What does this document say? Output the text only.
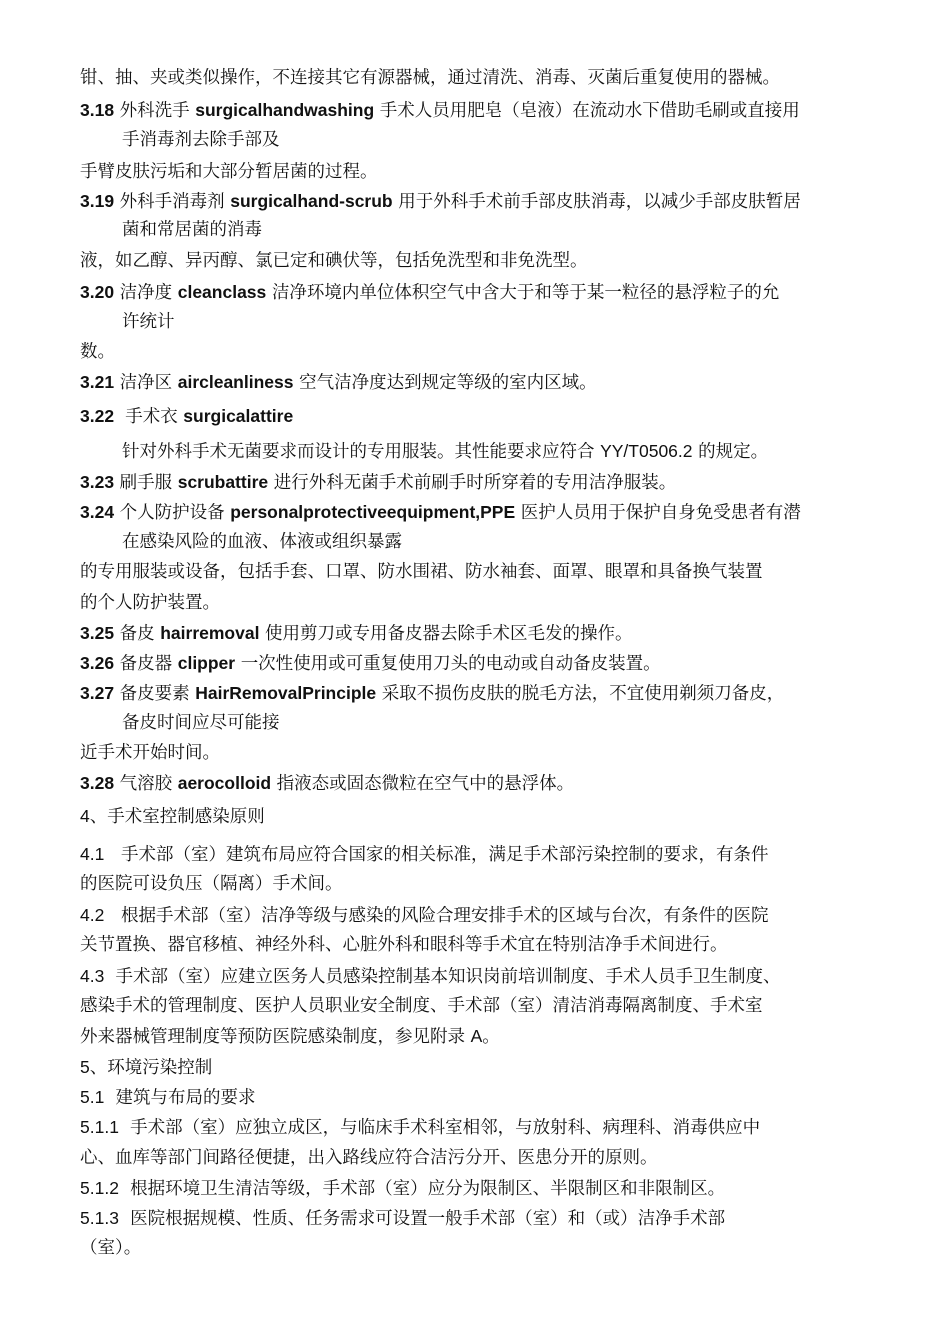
钳、抽、夹或类似操作，不连接其它有源器械，通过清洗、消毒、灭菌后重复使用的器械。
3.18 外科洗手 surgicalhandwashing 手术人员用肥皂（皂液）在流动水下借助毛刷或直接用
手消毒剂去除手部及
手臂皮肤污垢和大部分暂居菌的过程。
3.19 外科手消毒剂 surgicalhand-scrub 用于外科手术前手部皮肤消毒，以减少手部皮肤暂居
菌和常居菌的消毒
液，如乙醇、异丙醇、氯已定和碘伏等，包括免洗型和非免洗型。
3.20 洁净度 cleanclass 洁净环境内单位体积空气中含大于和等于某一粒径的悬浮粒子的允
许统计
数。
3.21 洁净区 aircleanliness 空气洁净度达到规定等级的室内区域。
3.22 手术衣 surgicalattire
针对外科手术无菌要求而设计的专用服装。其性能要求应符合 YY/T0506.2 的规定。
3.23 刷手服 scrubattire 进行外科无菌手术前刷手时所穿着的专用洁净服装。
3.24 个人防护设备 personalprotectiveequipment,PPE 医护人员用于保护自身免受患者有潜
在感染风险的血液、体液或组织暴露
的专用服装或设备，包括手套、口罩、防水围裙、防水袖套、面罩、眼罩和具备换气装置
的个人防护装置。
3.25 备皮 hairremoval 使用剪刀或专用备皮器去除手术区毛发的操作。
3.26 备皮器 clipper 一次性使用或可重复使用刀头的电动或自动备皮装置。
3.27 备皮要素 HairRemovalPrinciple 采取不损伤皮肤的脱毛方法，不宜使用剃须刀备皮，
备皮时间应尽可能接
近手术开始时间。
3.28 气溶胶 aerocolloid 指液态或固态微粒在空气中的悬浮体。
4、手术室控制感染原则
4.1 手术部（室）建筑布局应符合国家的相关标准，满足手术部污染控制的要求，有条件
的医院可设负压（隔离）手术间。
4.2 根据手术部（室）洁净等级与感染的风险合理安排手术的区域与台次，有条件的医院
关节置换、器官移植、神经外科、心脏外科和眼科等手术宜在特别洁净手术间进行。
4.3 手术部（室）应建立医务人员感染控制基本知识岗前培训制度、手术人员手卫生制度、
感染手术的管理制度、医护人员职业安全制度、手术部（室）清洁消毒隔离制度、手术室
外来器械管理制度等预防医院感染制度，参见附录 A。
5、环境污染控制
5.1 建筑与布局的要求
5.1.1 手术部（室）应独立成区，与临床手术科室相邻，与放射科、病理科、消毒供应中
心、血库等部门间路径便捷，出入路线应符合洁污分开、医患分开的原则。
5.1.2 根据环境卫生清洁等级，手术部（室）应分为限制区、半限制区和非限制区。
5.1.3 医院根据规模、性质、任务需求可设置一般手术部（室）和（或）洁净手术部
（室）。
